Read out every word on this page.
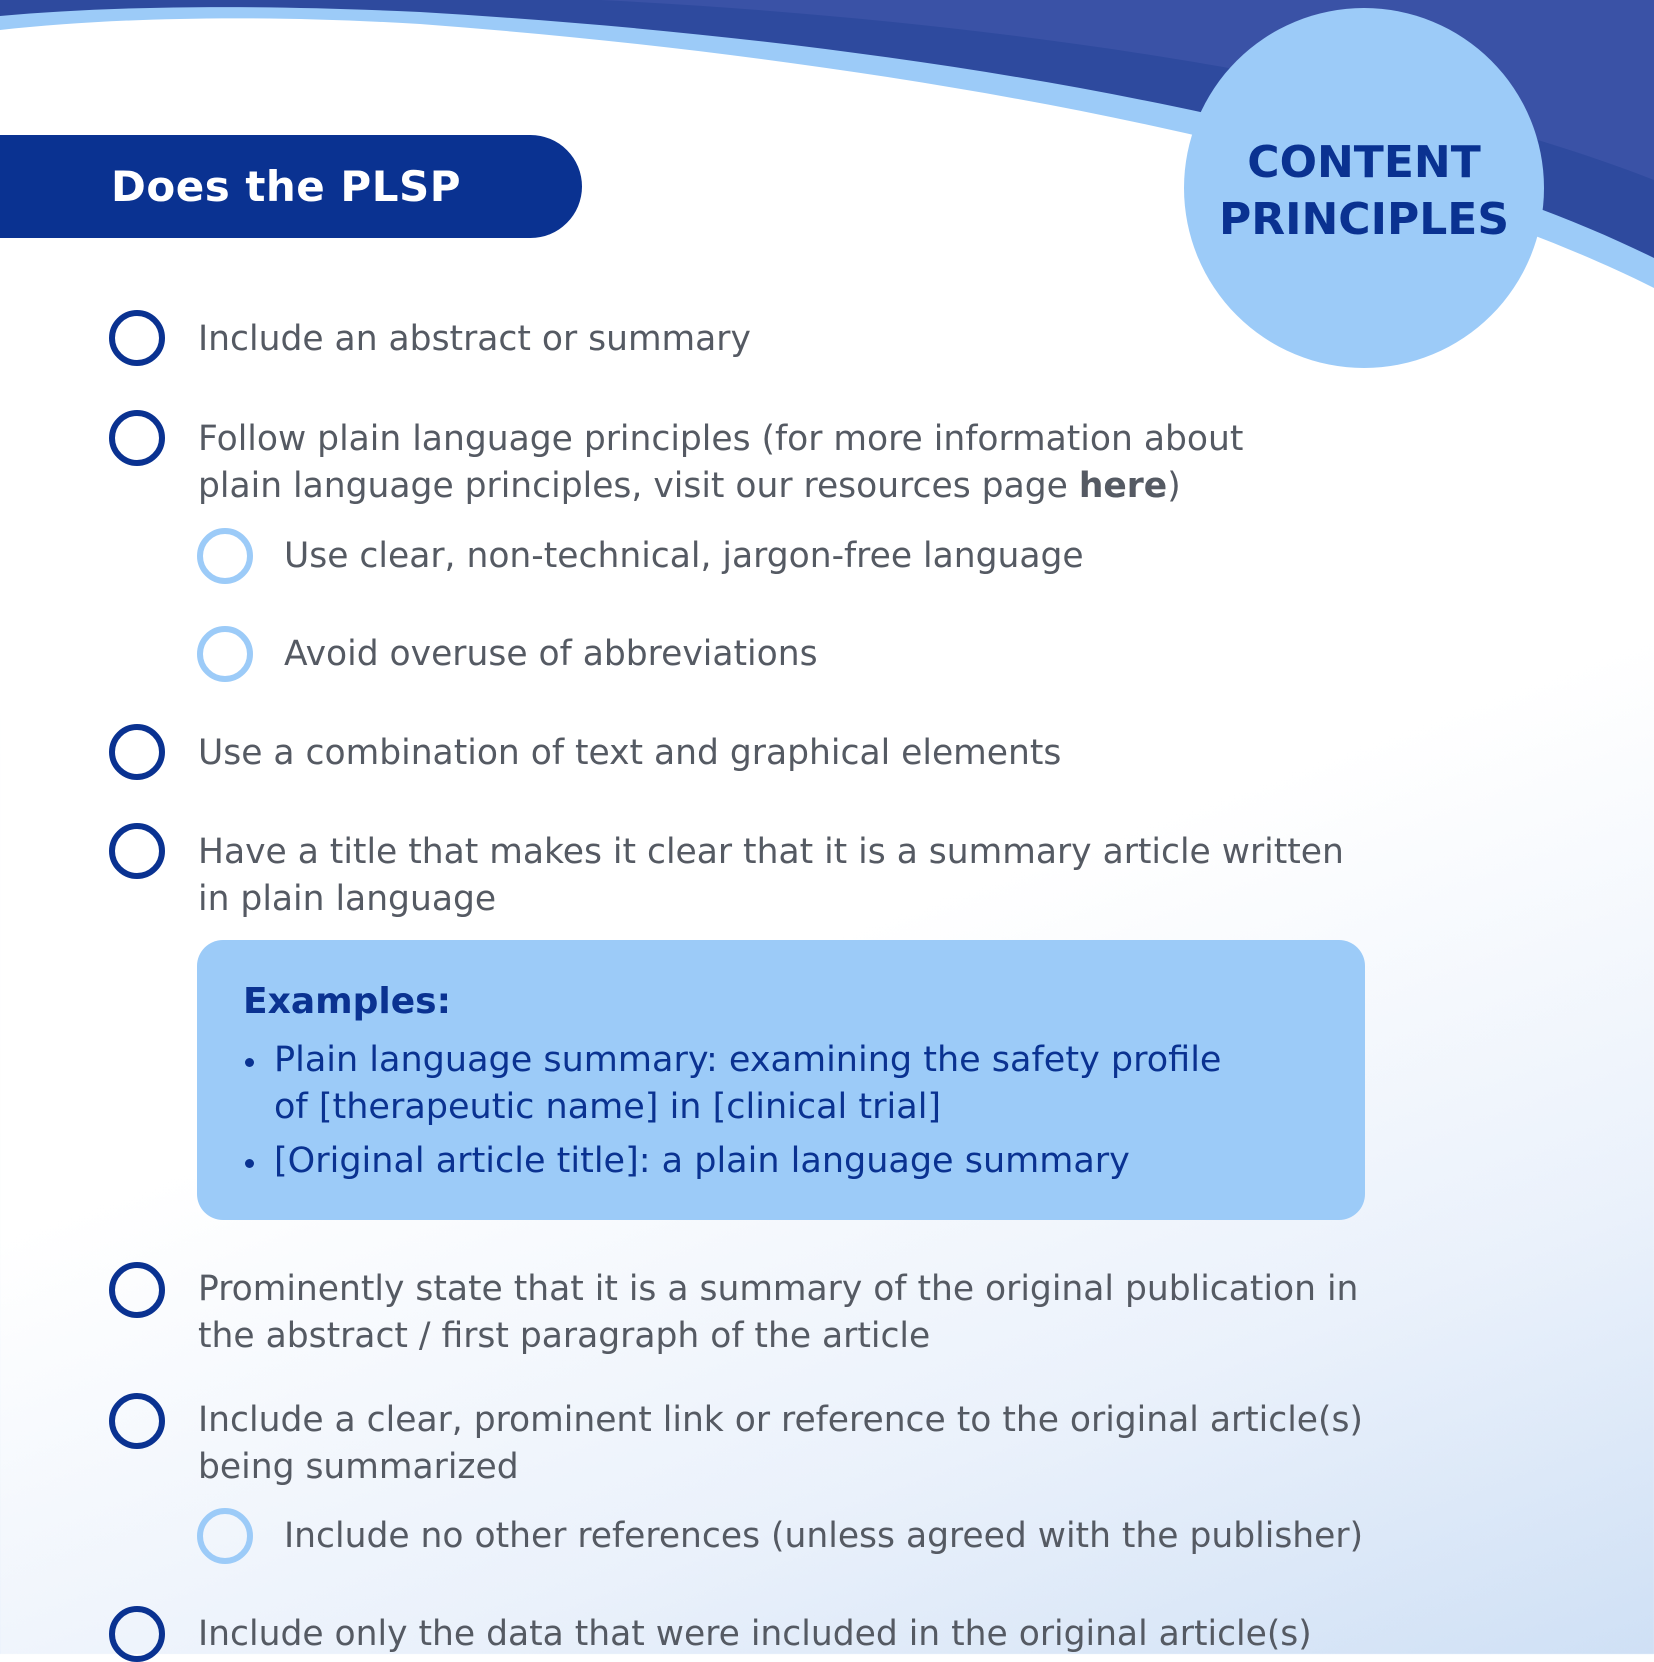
CONTENT
PRINCIPLES
Does the PLSP
Include an abstract or summary
Follow plain language principles (for more information about
plain language principles, visit our resources page here)
Use clear, non-technical, jargon-free language
Avoid overuse of abbreviations
Use a combination of text and graphical elements
Have a title that makes it clear that it is a summary article written
in plain language
Examples:
Plain language summary: examining the safety profile
of [therapeutic name] in [clinical trial]
[Original article title]: a plain language summary
Prominently state that it is a summary of the original publication in
the abstract / first paragraph of the article
Include a clear, prominent link or reference to the original article(s)
being summarized
Include no other references (unless agreed with the publisher)
Include only the data that were included in the original article(s)
